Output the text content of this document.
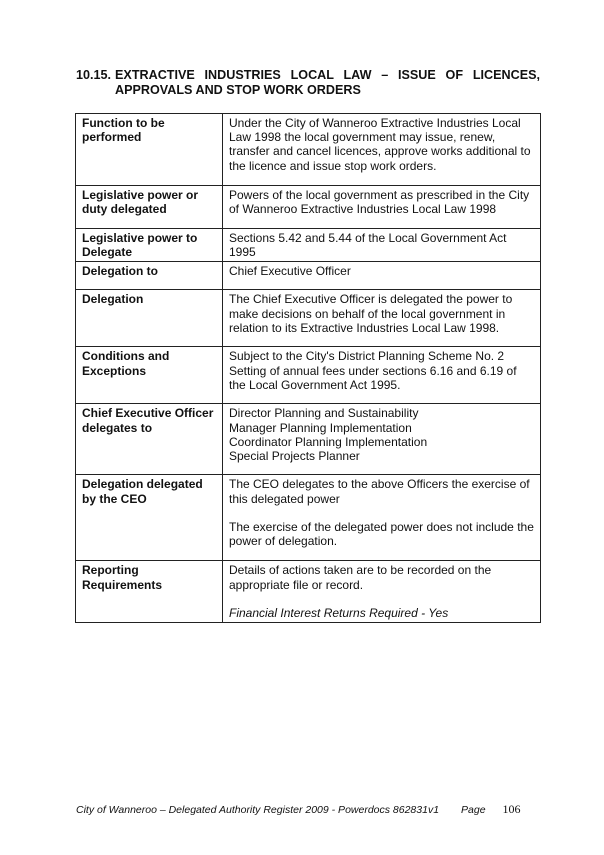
10.15. EXTRACTIVE INDUSTRIES LOCAL LAW – ISSUE OF LICENCES, APPROVALS AND STOP WORK ORDERS
Function to be performed	Under the City of Wanneroo Extractive Industries Local Law 1998 the local government may issue, renew, transfer and cancel licences, approve works additional to the licence and issue stop work orders.

Legislative power or duty delegated	Powers of the local government as prescribed in the City of Wanneroo Extractive Industries Local Law 1998

Legislative power to Delegate	Sections 5.42 and 5.44 of the Local Government Act 1995

Delegation to	Chief Executive Officer

Delegation	The Chief Executive Officer is delegated the power to make decisions on behalf of the local government in relation to its Extractive Industries Local Law 1998.

Conditions and Exceptions	Subject to the City's District Planning Scheme No. 2 Setting of annual fees under sections 6.16 and 6.19 of the Local Government Act 1995.

Chief Executive Officer delegates to	Director Planning and Sustainability
Manager Planning Implementation
Coordinator Planning Implementation
Special Projects Planner

Delegation delegated by the CEO	The CEO delegates to the above Officers the exercise of this delegated power
The exercise of the delegated power does not include the power of delegation.

Reporting Requirements	Details of actions taken are to be recorded on the appropriate file or record.
Financial Interest Returns Required - Yes
City of Wanneroo – Delegated Authority Register 2009 - Powerdocs 862831v1 Page 106
